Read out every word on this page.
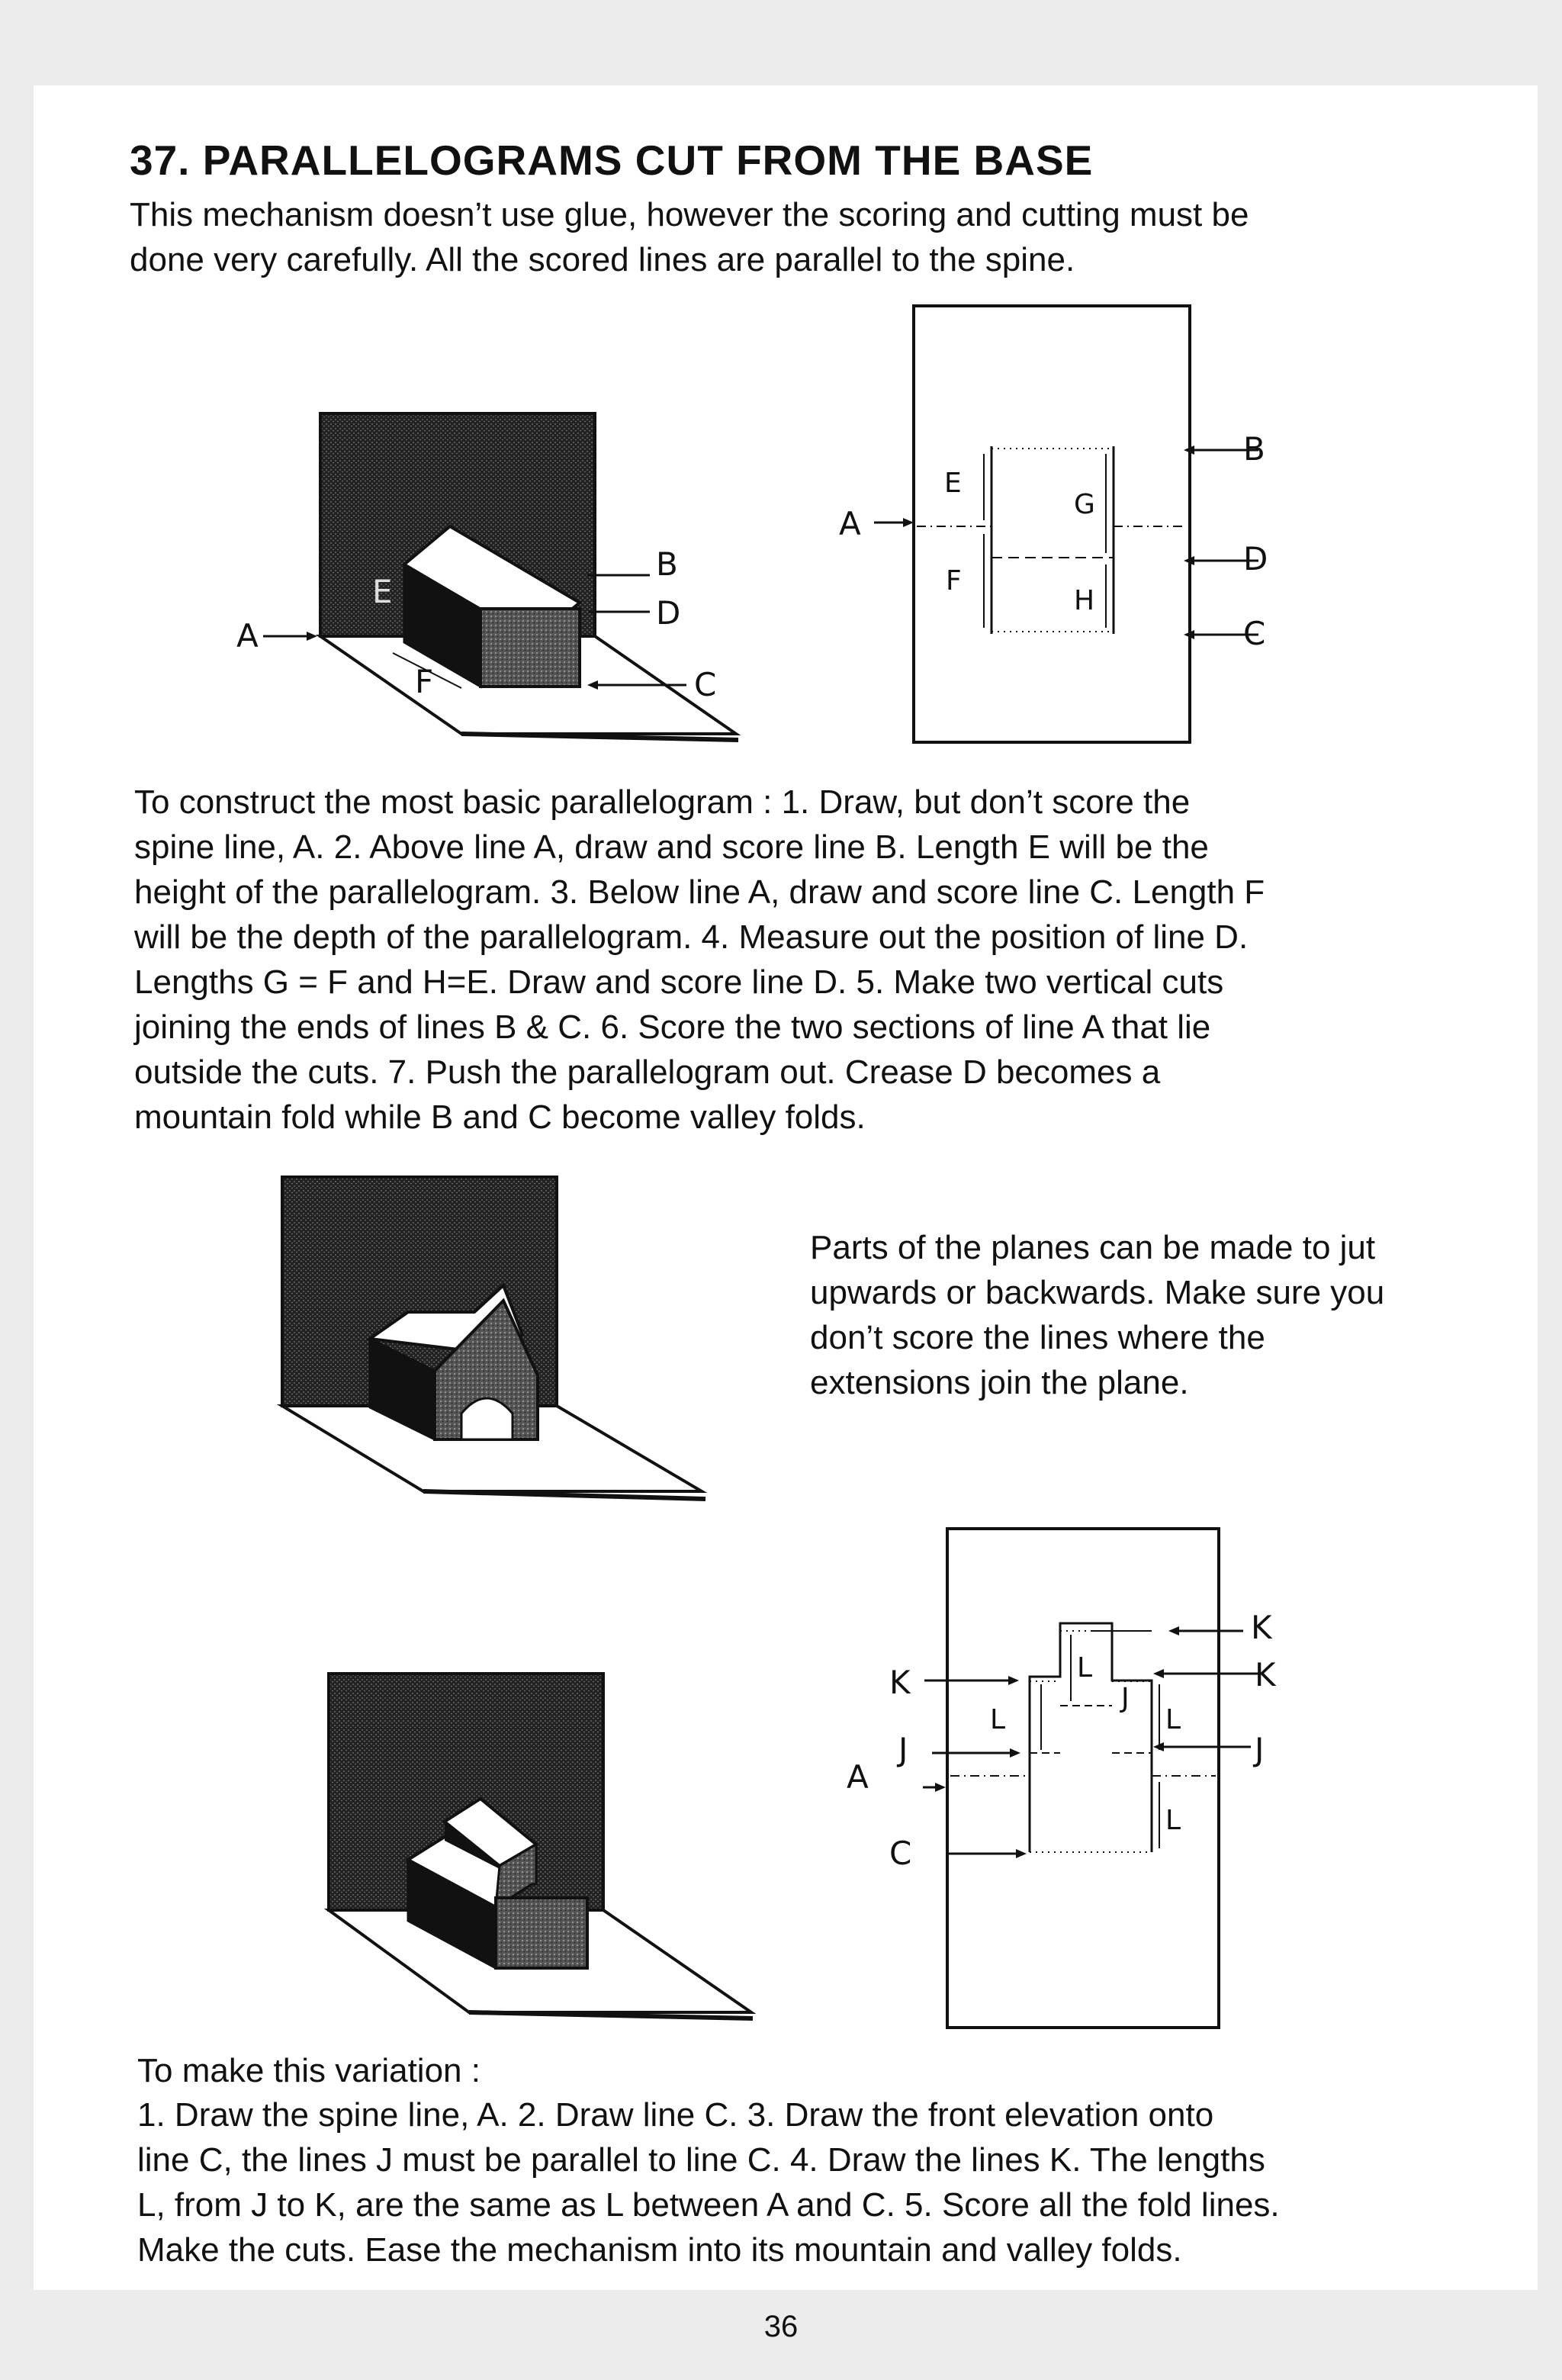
37. PARALLELOGRAMS CUT FROM THE BASE

This mechanism doesn’t use glue, however the scoring and cutting must be
done very carefully. All the scored lines are parallel to the spine.

A
B
D
C
E
F
E
F
G
H
A
B
D
C

To construct the most basic parallelogram : 1. Draw, but don’t score the
spine line, A. 2. Above line A, draw and score line B. Length E will be the
height of the parallelogram. 3. Below line A, draw and score line C. Length F
will be the depth of the parallelogram. 4. Measure out the position of line D.
Lengths G = F and H=E. Draw and score line D. 5. Make two vertical cuts
joining the ends of lines B & C. 6. Score the two sections of line A that lie
outside the cuts. 7. Push the parallelogram out. Crease D becomes a
mountain fold while B and C become valley folds.

Parts of the planes can be made to jut
upwards or backwards. Make sure you
don’t score the lines where the
extensions join the plane.

L
L	L
L
J
K
K	K
J	J
A
C

To make this variation :

1. Draw the spine line, A. 2. Draw line C. 3. Draw the front elevation onto
line C, the lines J must be parallel to line C. 4. Draw the lines K. The lengths
L, from J to K, are the same as L between A and C. 5. Score all the fold lines.
Make the cuts. Ease the mechanism into its mountain and valley folds.

36
